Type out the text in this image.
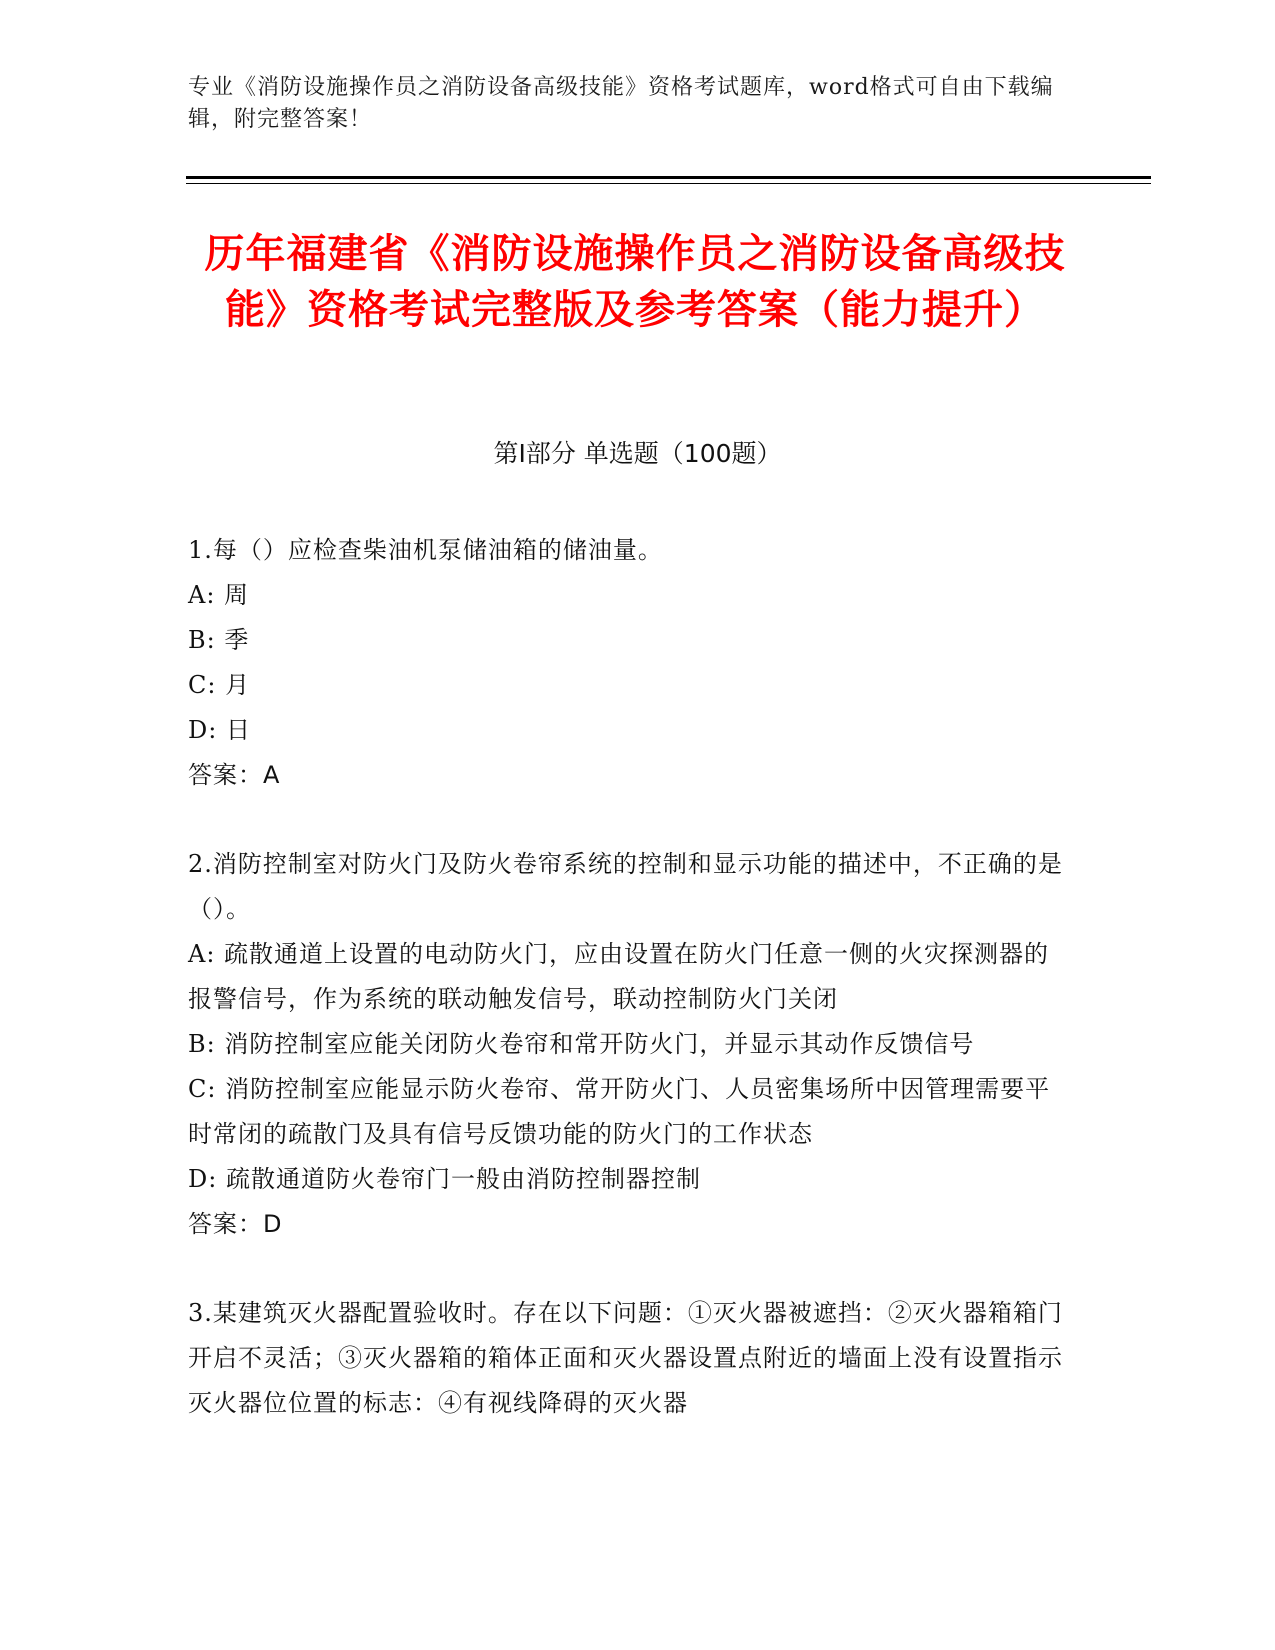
专业《消防设施操作员之消防设备高级技能》资格考试题库，word格式可自由下载编辑，附完整答案！
历年福建省《消防设施操作员之消防设备高级技能》资格考试完整版及参考答案（能力提升）
第Ⅰ部分 单选题（100题）

1.每（）应检查柴油机泵储油箱的储油量。

A: 周

B: 季

C: 月

D: 日

答案：A

2.消防控制室对防火门及防火卷帘系统的控制和显示功能的描述中，不正确的是（）。

A: 疏散通道上设置的电动防火门，应由设置在防火门任意一侧的火灾探测器的报警信号，作为系统的联动触发信号，联动控制防火门关闭

B: 消防控制室应能关闭防火卷帘和常开防火门，并显示其动作反馈信号

C: 消防控制室应能显示防火卷帘、常开防火门、人员密集场所中因管理需要平时常闭的疏散门及具有信号反馈功能的防火门的工作状态

D: 疏散通道防火卷帘门一般由消防控制器控制

答案：D

3.某建筑灭火器配置验收时。存在以下问题：①灭火器被遮挡：②灭火器箱箱门开启不灵活；③灭火器箱的箱体正面和灭火器设置点附近的墙面上没有设置指示灭火器位位置的标志：④有视线降碍的灭火器
